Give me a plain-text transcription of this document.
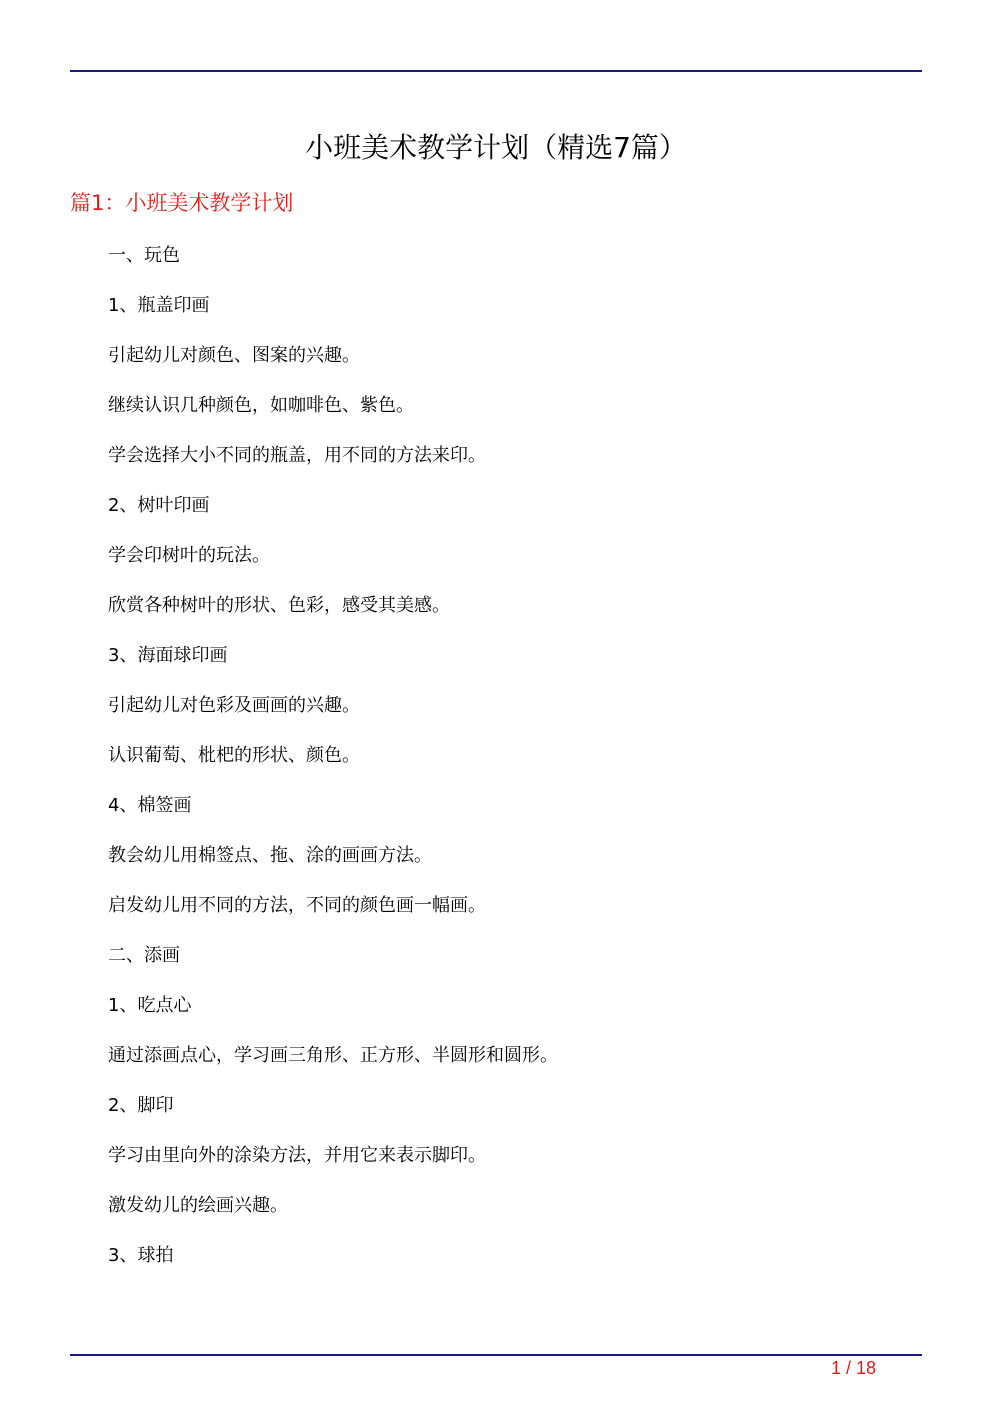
小班美术教学计划（精选7篇）
篇1：小班美术教学计划
一、玩色
1、瓶盖印画
引起幼儿对颜色、图案的兴趣。
继续认识几种颜色，如咖啡色、紫色。
学会选择大小不同的瓶盖，用不同的方法来印。
2、树叶印画
学会印树叶的玩法。
欣赏各种树叶的形状、色彩，感受其美感。
3、海面球印画
引起幼儿对色彩及画画的兴趣。
认识葡萄、枇杷的形状、颜色。
4、棉签画
教会幼儿用棉签点、拖、涂的画画方法。
启发幼儿用不同的方法，不同的颜色画一幅画。
二、添画
1、吃点心
通过添画点心，学习画三角形、正方形、半圆形和圆形。
2、脚印
学习由里向外的涂染方法，并用它来表示脚印。
激发幼儿的绘画兴趣。
3、球拍
1 / 18
